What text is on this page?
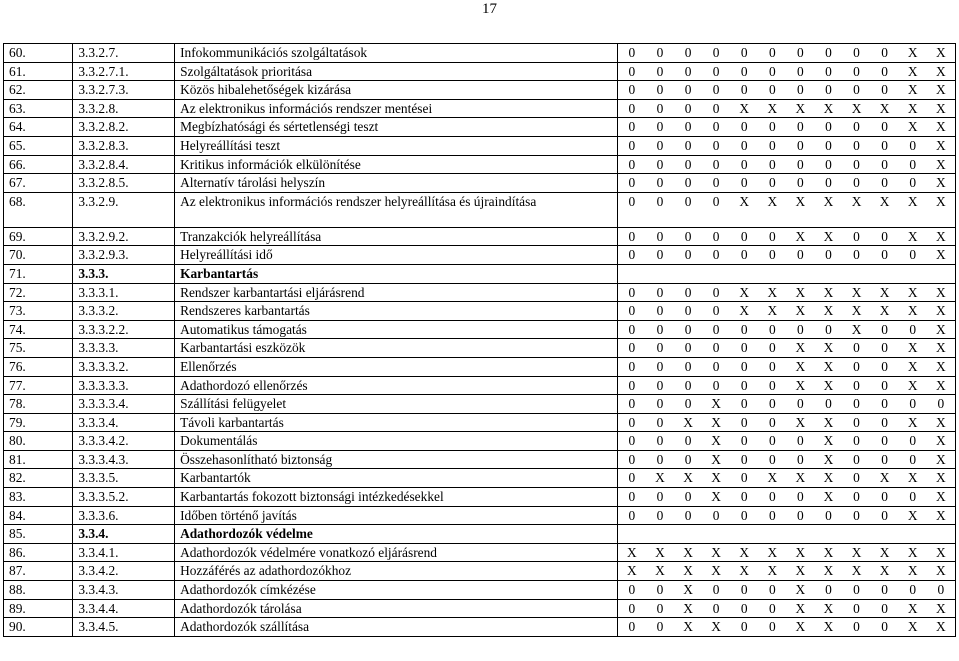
17
60.	3.3.2.7.	Infokommunikációs szolgáltatások	0	0	0	0	0	0	0	0	0	0	X	X
61.	3.3.2.7.1.	Szolgáltatások prioritása	0	0	0	0	0	0	0	0	0	0	X	X
62.	3.3.2.7.3.	Közös hibalehetőségek kizárása	0	0	0	0	0	0	0	0	0	0	X	X
63.	3.3.2.8.	Az elektronikus információs rendszer mentései	0	0	0	0	X	X	X	X	X	X	X	X
64.	3.3.2.8.2.	Megbízhatósági és sértetlenségi teszt	0	0	0	0	0	0	0	0	0	0	X	X
65.	3.3.2.8.3.	Helyreállítási teszt	0	0	0	0	0	0	0	0	0	0	0	X
66.	3.3.2.8.4.	Kritikus információk elkülönítése	0	0	0	0	0	0	0	0	0	0	0	X
67.	3.3.2.8.5.	Alternatív tárolási helyszín	0	0	0	0	0	0	0	0	0	0	0	X
68.	3.3.2.9.	Az elektronikus információs rendszer helyreállítása és újraindítása	0	0	0	0	X	X	X	X	X	X	X	X
69.	3.3.2.9.2.	Tranzakciók helyreállítása	0	0	0	0	0	0	X	X	0	0	X	X
70.	3.3.2.9.3.	Helyreállítási idő	0	0	0	0	0	0	0	0	0	0	0	X
71.	3.3.3.	Karbantartás												
72.	3.3.3.1.	Rendszer karbantartási eljárásrend	0	0	0	0	X	X	X	X	X	X	X	X
73.	3.3.3.2.	Rendszeres karbantartás	0	0	0	0	X	X	X	X	X	X	X	X
74.	3.3.3.2.2.	Automatikus támogatás	0	0	0	0	0	0	0	0	X	0	0	X
75.	3.3.3.3.	Karbantartási eszközök	0	0	0	0	0	0	X	X	0	0	X	X
76.	3.3.3.3.2.	Ellenőrzés	0	0	0	0	0	0	X	X	0	0	X	X
77.	3.3.3.3.3.	Adathordozó ellenőrzés	0	0	0	0	0	0	X	X	0	0	X	X
78.	3.3.3.3.4.	Szállítási felügyelet	0	0	0	X	0	0	0	0	0	0	0	0
79.	3.3.3.4.	Távoli karbantartás	0	0	X	X	0	0	X	X	0	0	X	X
80.	3.3.3.4.2.	Dokumentálás	0	0	0	X	0	0	0	X	0	0	0	X
81.	3.3.3.4.3.	Összehasonlítható biztonság	0	0	0	X	0	0	0	X	0	0	0	X
82.	3.3.3.5.	Karbantartók	0	X	X	X	0	X	X	X	0	X	X	X
83.	3.3.3.5.2.	Karbantartás fokozott biztonsági intézkedésekkel	0	0	0	X	0	0	0	X	0	0	0	X
84.	3.3.3.6.	Időben történő javítás	0	0	0	0	0	0	0	0	0	0	X	X
85.	3.3.4.	Adathordozók védelme												
86.	3.3.4.1.	Adathordozók védelmére vonatkozó eljárásrend	X	X	X	X	X	X	X	X	X	X	X	X
87.	3.3.4.2.	Hozzáférés az adathordozókhoz	X	X	X	X	X	X	X	X	X	X	X	X
88.	3.3.4.3.	Adathordozók címkézése	0	0	X	0	0	0	X	0	0	0	0	0
89.	3.3.4.4.	Adathordozók tárolása	0	0	X	0	0	0	X	X	0	0	X	X
90.	3.3.4.5.	Adathordozók szállítása	0	0	X	X	0	0	X	X	0	0	X	X
